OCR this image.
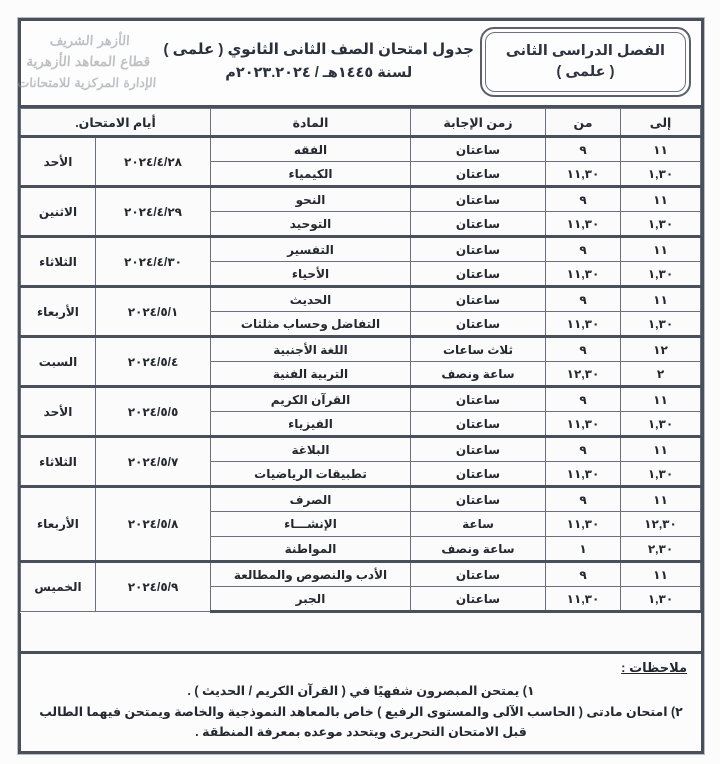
الفصل الدراسى الثانى
( علمى )
جدول امتحان الصف الثانى الثانوي ( علمى )
لسنة ١٤٤٥هـ / ٢٠٢٣.٢٠٢٤م
الأزهر الشريف
قطاع المعاهد الأزهرية
الإدارة المركزية للامتحانات
إلى	من	زمن الإجابة	المادة	أيام الامتحان.	
١١	٩	ساعتان	الفقه	٢٠٢٤/٤/٢٨	الأحد
١,٣٠	١١,٣٠	ساعتان	الكيمياء		
١١	٩	ساعتان	النحو	٢٠٢٤/٤/٢٩	الاثنين
١,٣٠	١١,٣٠	ساعتان	التوحيد		
١١	٩	ساعتان	التفسير	٢٠٢٤/٤/٣٠	الثلاثاء
١,٣٠	١١,٣٠	ساعتان	الأحياء		
١١	٩	ساعتان	الحديث	٢٠٢٤/٥/١	الأربعاء
١,٣٠	١١,٣٠	ساعتان	التفاضل وحساب مثلثات		
١٢	٩	ثلاث ساعات	اللغة الأجنبية	٢٠٢٤/٥/٤	السبت
٢	١٢,٣٠	ساعة ونصف	التربية الفنية		
١١	٩	ساعتان	القرآن الكريم	٢٠٢٤/٥/٥	الأحد
١,٣٠	١١,٣٠	ساعتان	الفيزياء		
١١	٩	ساعتان	البلاغة	٢٠٢٤/٥/٧	الثلاثاء
١,٣٠	١١,٣٠	ساعتان	تطبيقات الرياضيات		
١١	٩	ساعتان	الصرف	٢٠٢٤/٥/٨	الأربعاء
١٢,٣٠	١١,٣٠	ساعة	الإنشـــاء		
٢,٣٠	١	ساعة ونصف	المواطنة		
١١	٩	ساعتان	الأدب والنصوص والمطالعة	٢٠٢٤/٥/٩	الخميس
١,٣٠	١١,٣٠	ساعتان	الجبر		
ملاحظات :
١) يمتحن المبصرون شفهيًا في ( القرآن الكريم / الحديث ) .
٢) امتحان مادتى ( الحاسب الآلى والمستوى الرفيع ) خاص بالمعاهد النموذجية والخاصة ويمتحن فيهما الطالب قبل الامتحان التحريرى ويتحدد موعده بمعرفة المنطقة .
